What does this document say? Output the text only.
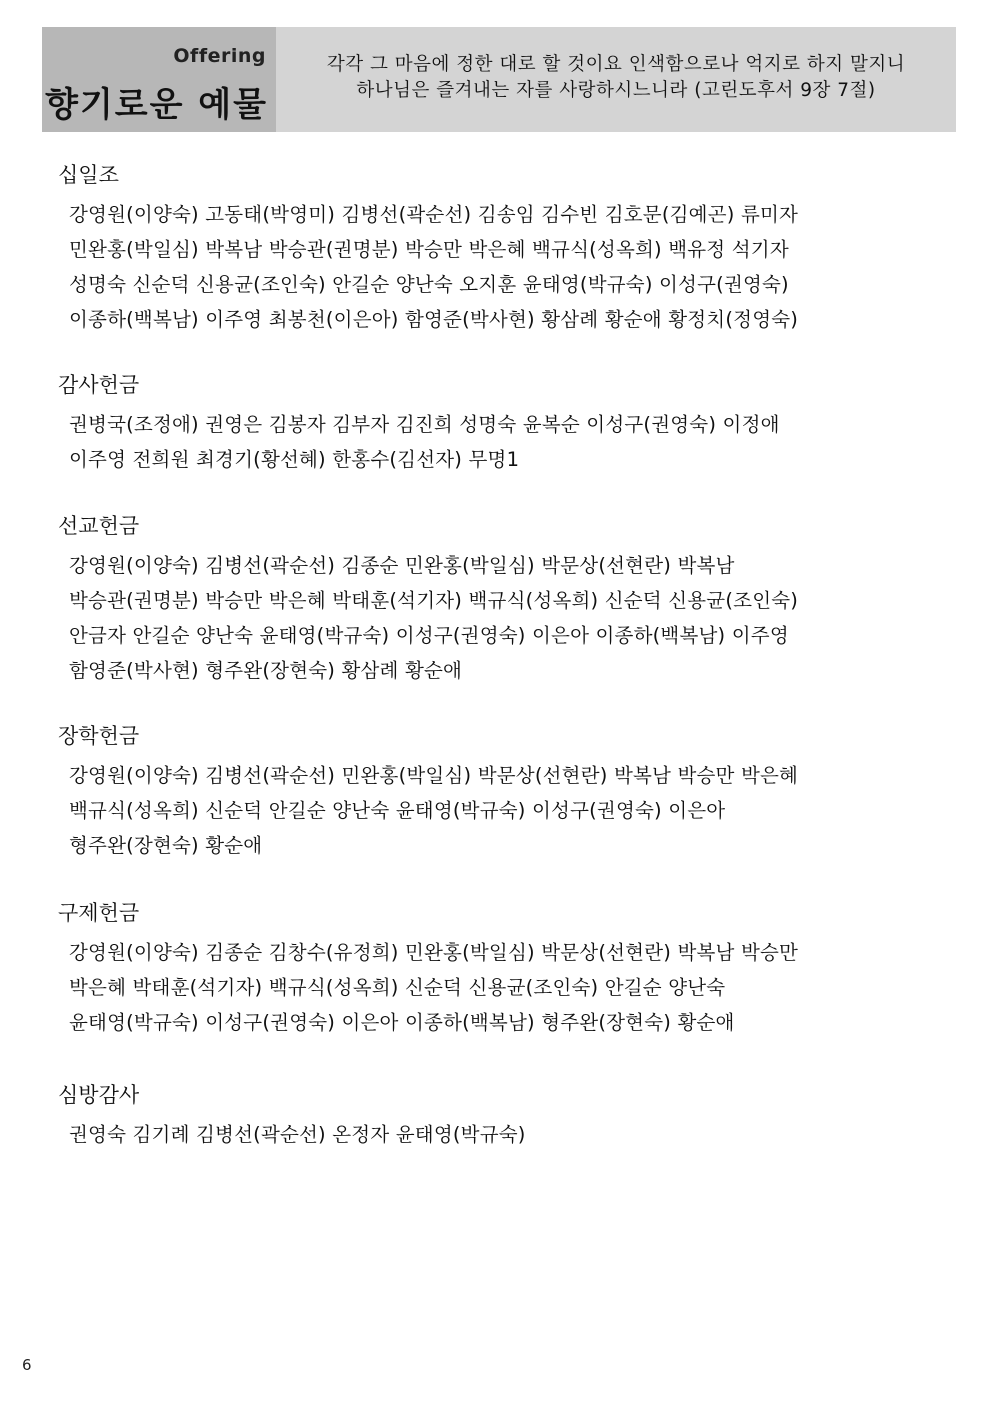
Offering
향기로운 예물
각각 그 마음에 정한 대로 할 것이요 인색함으로나 억지로 하지 말지니
하나님은 즐겨내는 자를 사랑하시느니라 (고린도후서 9장 7절)
십일조
강영원(이양숙) 고동태(박영미) 김병선(곽순선) 김송임 김수빈 김호문(김예곤) 류미자
민완홍(박일심) 박복남 박승관(권명분) 박승만 박은혜 백규식(성옥희) 백유정 석기자
성명숙 신순덕 신용균(조인숙) 안길순 양난숙 오지훈 윤태영(박규숙) 이성구(권영숙)
이종하(백복남) 이주영 최봉천(이은아) 함영준(박사현) 황삼례 황순애 황정치(정영숙)
감사헌금
권병국(조정애) 권영은 김봉자 김부자 김진희 성명숙 윤복순 이성구(권영숙) 이정애
이주영 전희원 최경기(황선혜) 한홍수(김선자) 무명1
선교헌금
강영원(이양숙) 김병선(곽순선) 김종순 민완홍(박일심) 박문상(선현란) 박복남
박승관(권명분) 박승만 박은혜 박태훈(석기자) 백규식(성옥희) 신순덕 신용균(조인숙)
안금자 안길순 양난숙 윤태영(박규숙) 이성구(권영숙) 이은아 이종하(백복남) 이주영
함영준(박사현) 형주완(장현숙) 황삼례 황순애
장학헌금
강영원(이양숙) 김병선(곽순선) 민완홍(박일심) 박문상(선현란) 박복남 박승만 박은혜
백규식(성옥희) 신순덕 안길순 양난숙 윤태영(박규숙) 이성구(권영숙) 이은아
형주완(장현숙) 황순애
구제헌금
강영원(이양숙) 김종순 김창수(유정희) 민완홍(박일심) 박문상(선현란) 박복남 박승만
박은혜 박태훈(석기자) 백규식(성옥희) 신순덕 신용균(조인숙) 안길순 양난숙
윤태영(박규숙) 이성구(권영숙) 이은아 이종하(백복남) 형주완(장현숙) 황순애
심방감사
권영숙 김기례 김병선(곽순선) 온정자 윤태영(박규숙)
6
